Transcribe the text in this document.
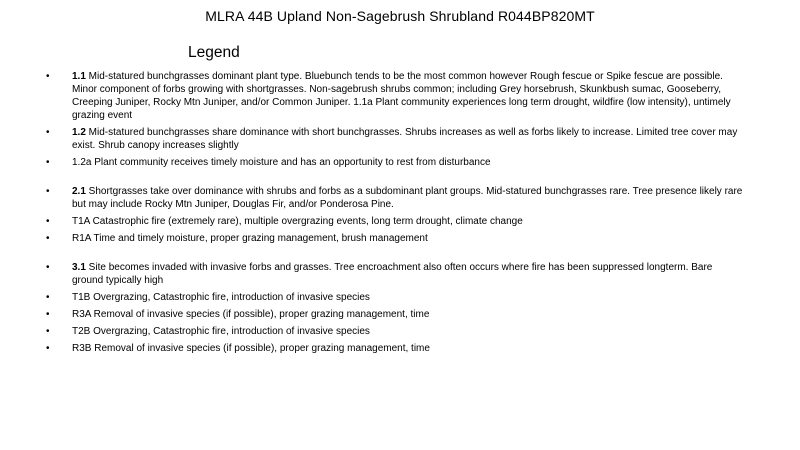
MLRA 44B Upland Non-Sagebrush Shrubland R044BP820MT
Legend
• 1.1 Mid-statured bunchgrasses dominant plant type. Bluebunch tends to be the most common however Rough fescue or Spike fescue are possible. Minor component of forbs growing with shortgrasses. Non-sagebrush shrubs common; including Grey horsebrush, Skunkbush sumac, Gooseberry, Creeping Juniper, Rocky Mtn Juniper, and/or Common Juniper. 1.1a Plant community experiences long term drought, wildfire (low intensity), untimely grazing event
• 1.2 Mid-statured bunchgrasses share dominance with short bunchgrasses. Shrubs increases as well as forbs likely to increase. Limited tree cover may exist. Shrub canopy increases slightly
• 1.2a Plant community receives timely moisture and has an opportunity to rest from disturbance
• 2.1 Shortgrasses take over dominance with shrubs and forbs as a subdominant plant groups. Mid-statured bunchgrasses rare. Tree presence likely rare but may include Rocky Mtn Juniper, Douglas Fir, and/or Ponderosa Pine.
• T1A Catastrophic fire (extremely rare), multiple overgrazing events, long term drought, climate change
• R1A Time and timely moisture, proper grazing management, brush management
• 3.1 Site becomes invaded with invasive forbs and grasses. Tree encroachment also often occurs where fire has been suppressed longterm. Bare ground typically high
• T1B Overgrazing, Catastrophic fire, introduction of invasive species
• R3A Removal of invasive species (if possible), proper grazing management, time
• T2B Overgrazing, Catastrophic fire, introduction of invasive species
• R3B Removal of invasive species (if possible), proper grazing management, time
